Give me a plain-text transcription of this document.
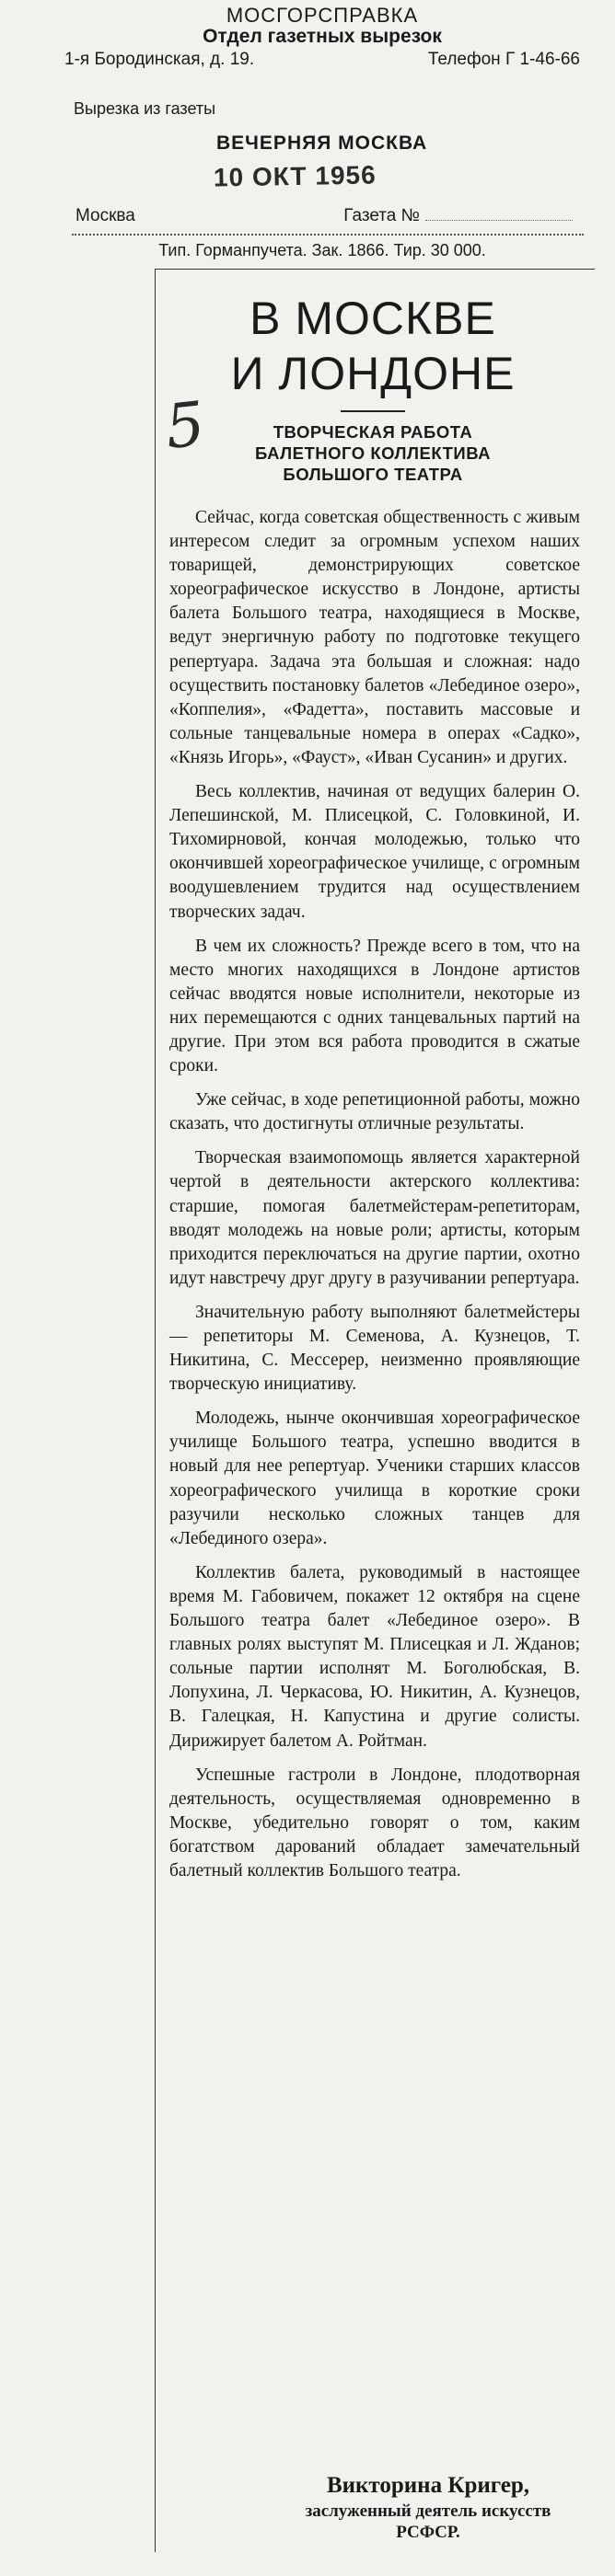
МОСГОРСПРАВКА
Отдел газетных вырезок
1-я Бородинская, д. 19.	Телефон Г 1-46-66
Вырезка из газеты
ВЕЧЕРНЯЯ МОСКВА
10 ОКТ 1956
Москва	Газета №
Тип. Горманпучета. Зак. 1866. Тир. 30 000.
В МОСКВЕ
И ЛОНДОНЕ
5	ТВОРЧЕСКАЯ РАБОТА БАЛЕТНОГО КОЛЛЕКТИВА БОЛЬШОГО ТЕАТРА

Сейчас, когда советская общественность с живым интересом следит за огромным успехом наших товарищей, демонстрирующих советское хореографическое искусство в Лондоне, артисты балета Большого театра, находящиеся в Москве, ведут энергичную работу по подготовке текущего репертуара. Задача эта большая и сложная: надо осуществить постановку балетов «Лебединое озеро», «Коппелия», «Фадетта», поставить массовые и сольные танцевальные номера в операх «Садко», «Князь Игорь», «Фауст», «Иван Сусанин» и других.

Весь коллектив, начиная от ведущих балерин О. Лепешинской, М. Плисецкой, С. Головкиной, И. Тихомирновой, кончая молодежью, только что окончившей хореографическое училище, с огромным воодушевлением трудится над осуществлением творческих задач.

В чем их сложность? Прежде всего в том, что на место многих находящихся в Лондоне артистов сейчас вводятся новые исполнители, некоторые из них перемещаются с одних танцевальных партий на другие. При этом вся работа проводится в сжатые сроки.

Уже сейчас, в ходе репетиционной работы, можно сказать, что достигнуты отличные результаты.

Творческая взаимопомощь является характерной чертой в деятельности актерского коллектива: старшие, помогая балетмейстерам-репетиторам, вводят молодежь на новые роли; артисты, которым приходится переключаться на другие партии, охотно идут навстречу друг другу в разучивании репертуара.

Значительную работу выполняют балетмейстеры — репетиторы М. Семенова, А. Кузнецов, Т. Никитина, С. Мессерер, неизменно проявляющие творческую инициативу.

Молодежь, нынче окончившая хореографическое училище Большого театра, успешно вводится в новый для нее репертуар. Ученики старших классов хореографического училища в короткие сроки разучили несколько сложных танцев для «Лебединого озера».

Коллектив балета, руководимый в настоящее время М. Габовичем, покажет 12 октября на сцене Большого театра балет «Лебединое озеро». В главных ролях выступят М. Плисецкая и Л. Жданов; сольные партии исполнят М. Боголюбская, В. Лопухина, Л. Черкасова, Ю. Никитин, А. Кузнецов, В. Галецкая, Н. Капустина и другие солисты. Дирижирует балетом А. Ройтман.

Успешные гастроли в Лондоне, плодотворная деятельность, осуществляемая одновременно в Москве, убедительно говорят о том, каким богатством дарований обладает замечательный балетный коллектив Большого театра.

Викторина Кригер,
заслуженный деятель искусств РСФСР.
